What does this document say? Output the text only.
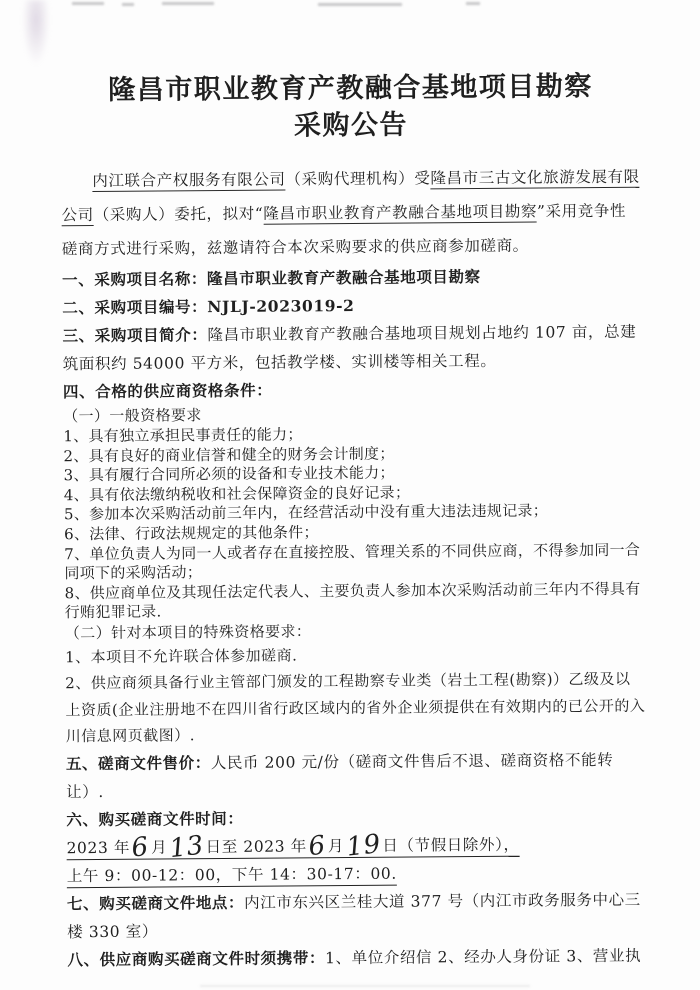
隆昌市职业教育产教融合基地项目勘察
采购公告

内江联合产权服务有限公司（采购代理机构）受隆昌市三古文化旅游发展有限公司（采购人）委托，拟对“隆昌市职业教育产教融合基地项目勘察”采用竞争性磋商方式进行采购，兹邀请符合本次采购要求的供应商参加磋商。

一、采购项目名称：隆昌市职业教育产教融合基地项目勘察

二、采购项目编号：NJLJ-2023019-2

三、采购项目简介：隆昌市职业教育产教融合基地项目规划占地约 107 亩，总建筑面积约 54000 平方米，包括教学楼、实训楼等相关工程。

四、合格的供应商资格条件：

（一）一般资格要求

1、具有独立承担民事责任的能力；

2、具有良好的商业信誉和健全的财务会计制度；

3、具有履行合同所必须的设备和专业技术能力；

4、具有依法缴纳税收和社会保障资金的良好记录；

5、参加本次采购活动前三年内，在经营活动中没有重大违法违规记录；

6、法律、行政法规规定的其他条件；

7、单位负责人为同一人或者存在直接控股、管理关系的不同供应商，不得参加同一合同项下的采购活动；

8、供应商单位及其现任法定代表人、主要负责人参加本次采购活动前三年内不得具有行贿犯罪记录.

（二）针对本项目的特殊资格要求：

1、本项目不允许联合体参加磋商.

2、供应商须具备行业主管部门颁发的工程勘察专业类（岩土工程(勘察)）乙级及以上资质(企业注册地不在四川省行政区域内的省外企业须提供在有效期内的已公开的入川信息网页截图）.

五、磋商文件售价：人民币 200 元/份（磋商文件售后不退、磋商资格不能转让）.

六、购买磋商文件时间：2023 年6月13日至 2023 年6月19日（节假日除外），
上午 9：00-12：00，下午 14：30-17：00.

七、购买磋商文件地点：内江市东兴区兰桂大道 377 号（内江市政务服务中心三楼 330 室）

八、供应商购买磋商文件时须携带：1、单位介绍信 2、经办人身份证 3、营业执
